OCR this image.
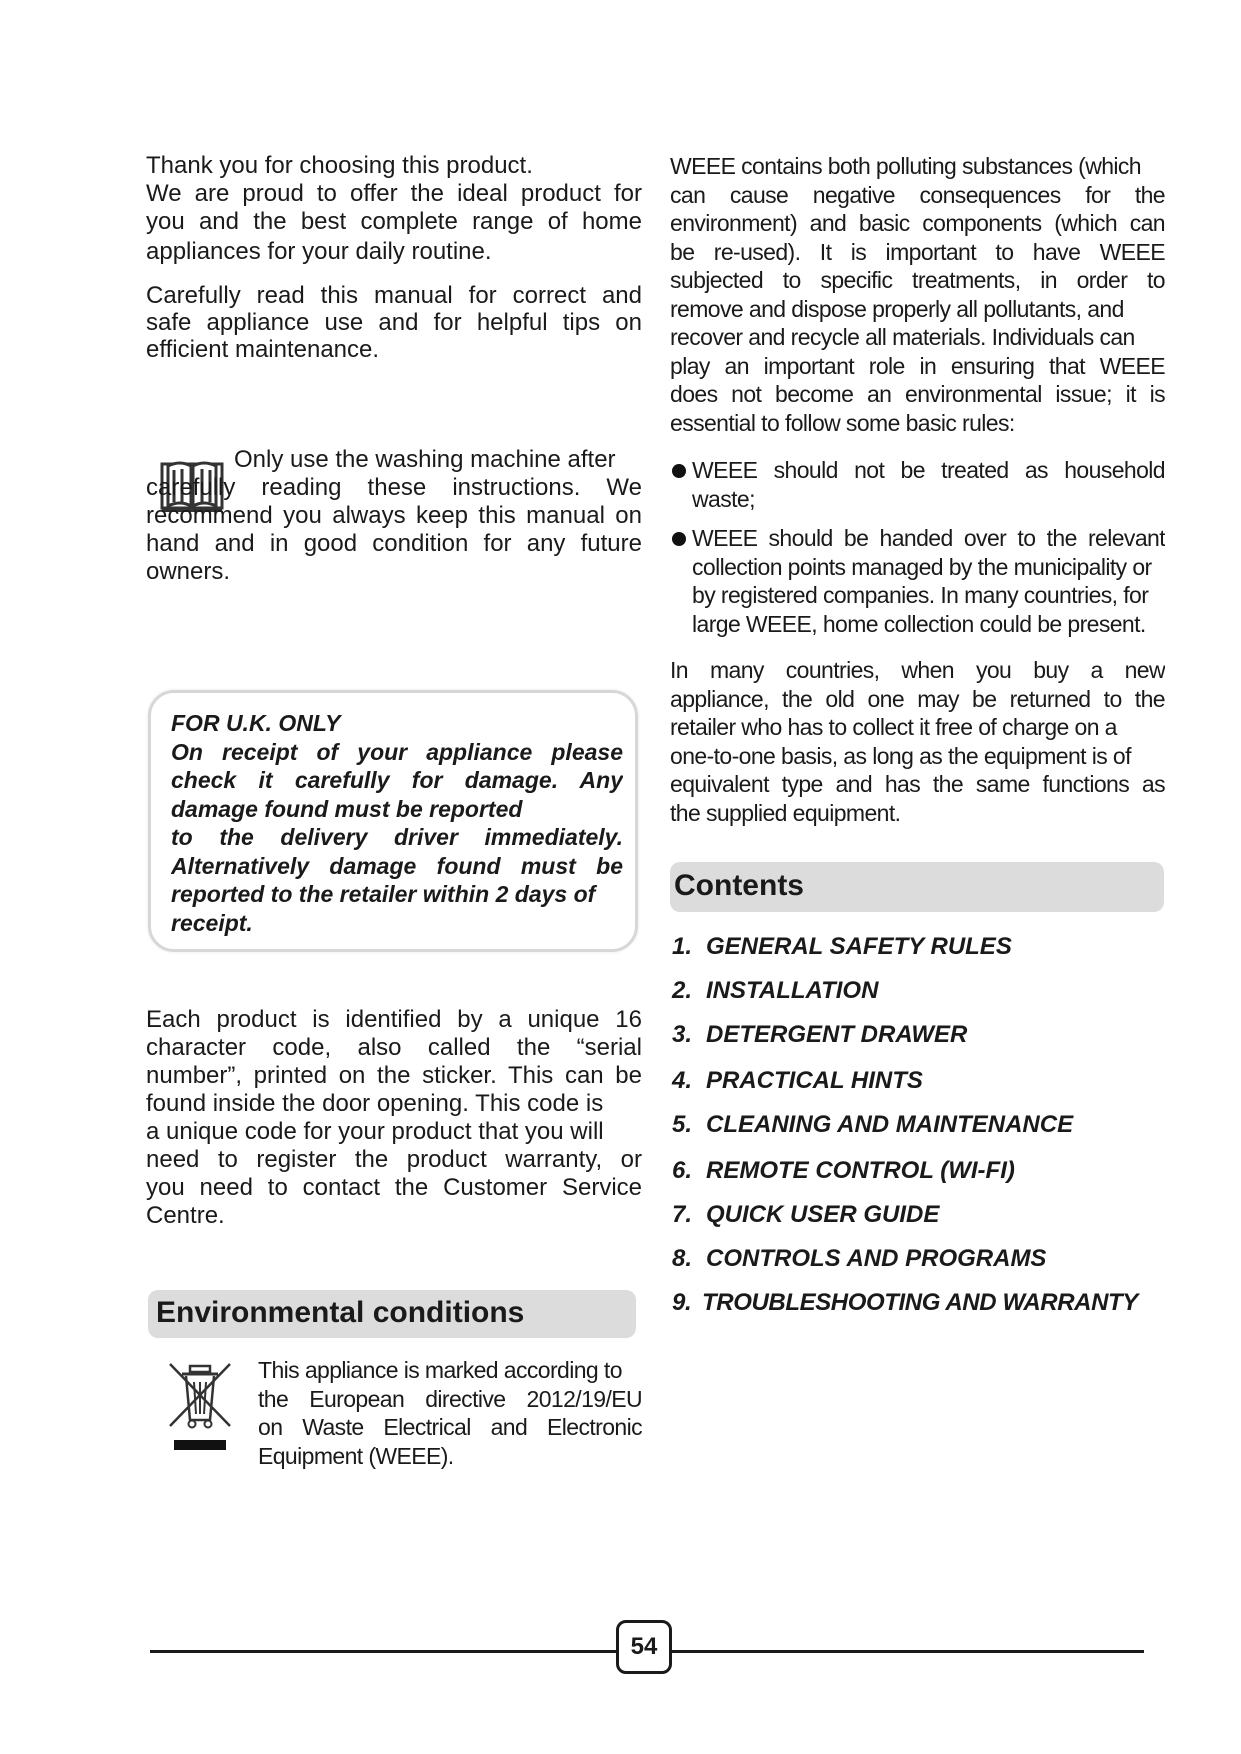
Thank you for choosing this product.
We are proud to offer the ideal product for
you and the best complete range of home
appliances for your daily routine.
Carefully read this manual for correct and
safe appliance use and for helpful tips on
efficient maintenance.
Only use the washing machine after
carefully reading these instructions. We
recommend you always keep this manual on
hand and in good condition for any future
owners.
FOR U.K. ONLY
On receipt of your appliance please
check it carefully for damage. Any
damage found must be reported
to the delivery driver immediately.
Alternatively damage found must be
reported to the retailer within 2 days of
receipt.
Each product is identified by a unique 16
character code, also called the “serial
number”, printed on the sticker. This can be
found inside the door opening. This code is
a unique code for your product that you will
need to register the product warranty, or
you need to contact the Customer Service
Centre.
Environmental conditions
This appliance is marked according to
the European directive 2012/19/EU
on Waste Electrical and Electronic
Equipment (WEEE).
WEEE contains both polluting substances (which
can cause negative consequences for the
environment) and basic components (which can
be re-used). It is important to have WEEE
subjected to specific treatments, in order to
remove and dispose properly all pollutants, and
recover and recycle all materials. Individuals can
play an important role in ensuring that WEEE
does not become an environmental issue; it is
essential to follow some basic rules:
WEEE should not be treated as household
waste;
WEEE should be handed over to the relevant
collection points managed by the municipality or
by registered companies. In many countries, for
large WEEE, home collection could be present.
In many countries, when you buy a new
appliance, the old one may be returned to the
retailer who has to collect it free of charge on a
one-to-one basis, as long as the equipment is of
equivalent type and has the same functions as
the supplied equipment.
Contents
1. GENERAL SAFETY RULES
2. INSTALLATION
3. DETERGENT DRAWER
4. PRACTICAL HINTS
5. CLEANING AND MAINTENANCE
6. REMOTE CONTROL (WI-FI)
7. QUICK USER GUIDE
8. CONTROLS AND PROGRAMS
9. TROUBLESHOOTING AND WARRANTY
54
